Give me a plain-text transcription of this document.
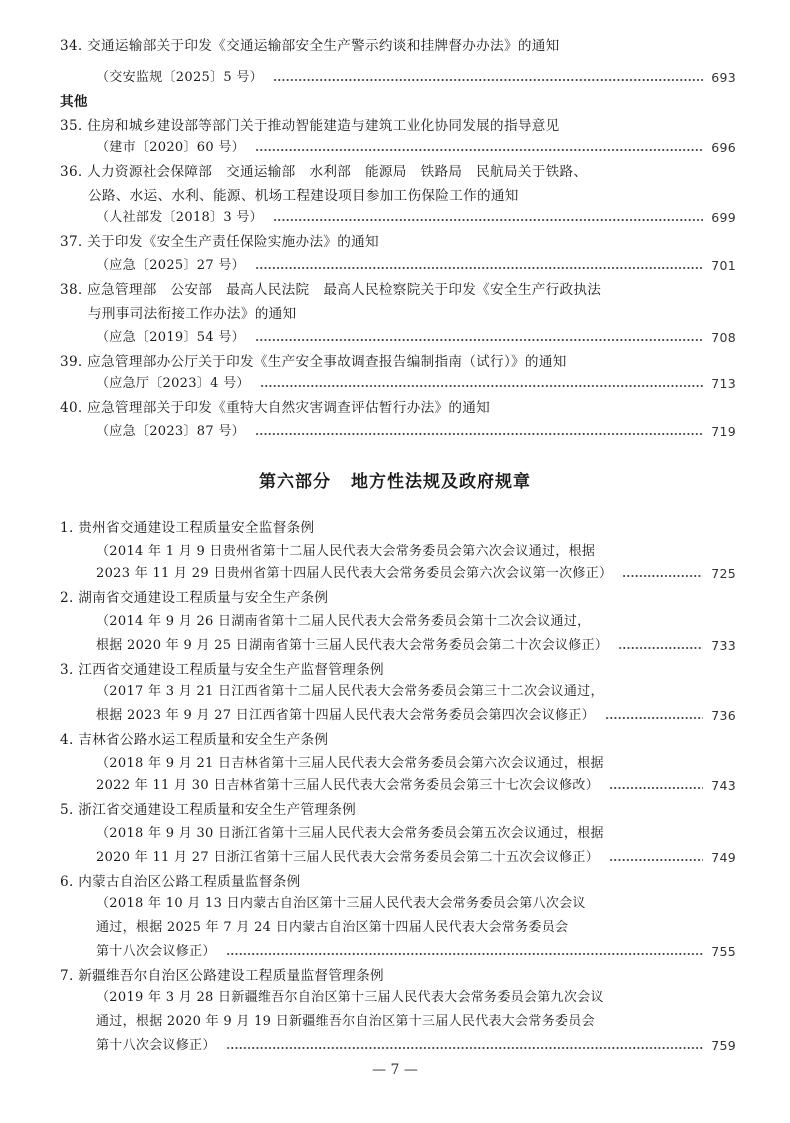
34. 交通运输部关于印发《交通运输部安全生产警示约谈和挂牌督办办法》的通知
（交安监规〔2025〕5 号）	693
其他
35. 住房和城乡建设部等部门关于推动智能建造与建筑工业化协同发展的指导意见
（建市〔2020〕60 号）	696
36. 人力资源社会保障部　交通运输部　水利部　能源局　铁路局　民航局关于铁路、
公路、水运、水利、能源、机场工程建设项目参加工伤保险工作的通知
（人社部发〔2018〕3 号）	699
37. 关于印发《安全生产责任保险实施办法》的通知
（应急〔2025〕27 号）	701
38. 应急管理部　公安部　最高人民法院　最高人民检察院关于印发《安全生产行政执法
与刑事司法衔接工作办法》的通知
（应急〔2019〕54 号）	708
39. 应急管理部办公厅关于印发《生产安全事故调查报告编制指南（试行）》的通知
（应急厅〔2023〕4 号）	713
40. 应急管理部关于印发《重特大自然灾害调查评估暂行办法》的通知
（应急〔2023〕87 号）	719
第六部分 地方性法规及政府规章
1. 贵州省交通建设工程质量安全监督条例
（2014 年 1 月 9 日贵州省第十二届人民代表大会常务委员会第六次会议通过，根据
2023 年 11 月 29 日贵州省第十四届人民代表大会常务委员会第六次会议第一次修正）	725
2. 湖南省交通建设工程质量与安全生产条例
（2014 年 9 月 26 日湖南省第十二届人民代表大会常务委员会第十二次会议通过，
根据 2020 年 9 月 25 日湖南省第十三届人民代表大会常务委员会第二十次会议修正）	733
3. 江西省交通建设工程质量与安全生产监督管理条例
（2017 年 3 月 21 日江西省第十二届人民代表大会常务委员会第三十二次会议通过，
根据 2023 年 9 月 27 日江西省第十四届人民代表大会常务委员会第四次会议修正）	736
4. 吉林省公路水运工程质量和安全生产条例
（2018 年 9 月 21 日吉林省第十三届人民代表大会常务委员会第六次会议通过，根据
2022 年 11 月 30 日吉林省第十三届人民代表大会常务委员会第三十七次会议修改）	743
5. 浙江省交通建设工程质量和安全生产管理条例
（2018 年 9 月 30 日浙江省第十三届人民代表大会常务委员会第五次会议通过，根据
2020 年 11 月 27 日浙江省第十三届人民代表大会常务委员会第二十五次会议修正）	749
6. 内蒙古自治区公路工程质量监督条例
（2018 年 10 月 13 日内蒙古自治区第十三届人民代表大会常务委员会第八次会议
通过，根据 2025 年 7 月 24 日内蒙古自治区第十四届人民代表大会常务委员会
第十八次会议修正）	755
7. 新疆维吾尔自治区公路建设工程质量监督管理条例
（2019 年 3 月 28 日新疆维吾尔自治区第十三届人民代表大会常务委员会第九次会议
通过，根据 2020 年 9 月 19 日新疆维吾尔自治区第十三届人民代表大会常务委员会
第十八次会议修正）	759
— 7 —
